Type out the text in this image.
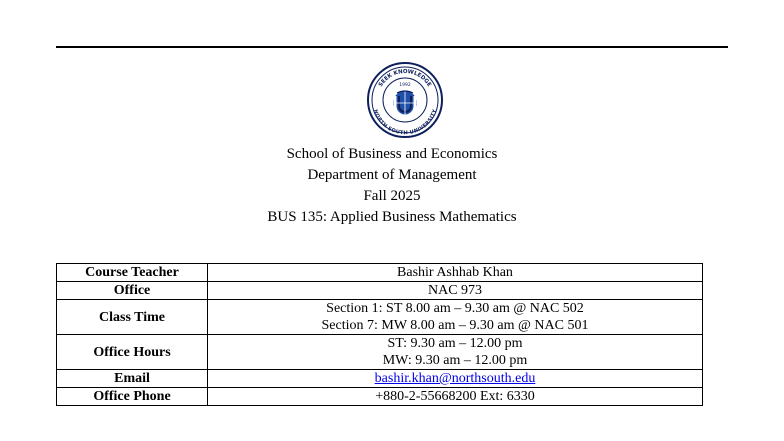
SEEK KNOWLEDGE
NORTH SOUTH UNIVERSITY
1992
School of Business and Economics
Department of Management
Fall 2025
BUS 135: Applied Business Mathematics
Course Teacher	Bashir Ashhab Khan
Office	NAC 973
Class Time	Section 1: ST 8.00 am – 9.30 am @ NAC 502
Section 7: MW 8.00 am – 9.30 am @ NAC 501

Office Hours	ST: 9.30 am – 12.00 pm
MW: 9.30 am – 12.00 pm

Email	bashir.khan@northsouth.edu
Office Phone	+880-2-55668200 Ext: 6330
